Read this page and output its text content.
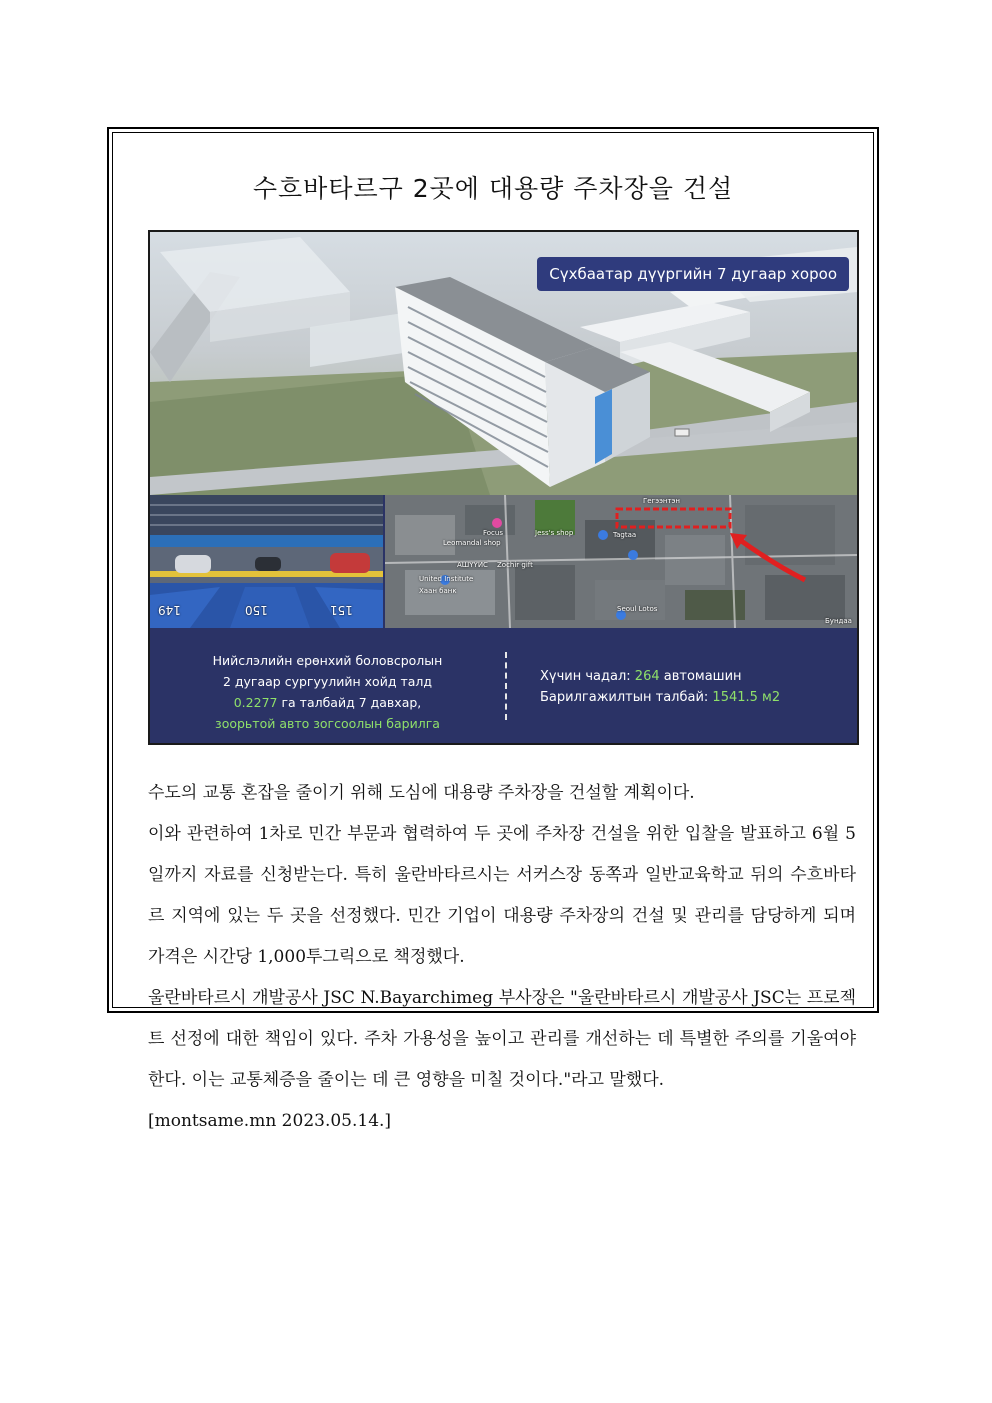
수흐바타르구 2곳에 대용량 주차장을 건설
Сүхбаатар дүүргийн 7 дугаар хороо
149	150	151
Гегээнтэн
Leomandal shop
Focus	Jess's shop	Tagtaa
АШҮҮИС Zochir gift
United Institute
Хаан банк
Seoul Lotos
Бундаа
Нийслэлийн ерөнхий боловсролын
2 дугаар сургуулийн хойд талд
0.2277 га талбайд 7 давхар,
зоорьтой авто зогсоолын барилга
Хүчин чадал: 264 автомашин
Барилгажилтын талбай: 1541.5 м2

수도의 교통 혼잡을 줄이기 위해 도심에 대용량 주차장을 건설할 계획이다.

이와 관련하여 1차로 민간 부문과 협력하여 두 곳에 주차장 건설을 위한 입찰을 발표하고 6월 5일까지 자료를 신청받는다. 특히 울란바타르시는 서커스장 동쪽과 일반교육학교 뒤의 수흐바타르 지역에 있는 두 곳을 선정했다. 민간 기업이 대용량 주차장의 건설 및 관리를 담당하게 되며 가격은 시간당 1,000투그릭으로 책정했다.

울란바타르시 개발공사 JSC N.Bayarchimeg 부사장은 "울란바타르시 개발공사 JSC는 프로젝트 선정에 대한 책임이 있다. 주차 가용성을 높이고 관리를 개선하는 데 특별한 주의를 기울여야 한다. 이는 교통체증을 줄이는 데 큰 영향을 미칠 것이다."라고 말했다.

[montsame.mn 2023.05.14.]
